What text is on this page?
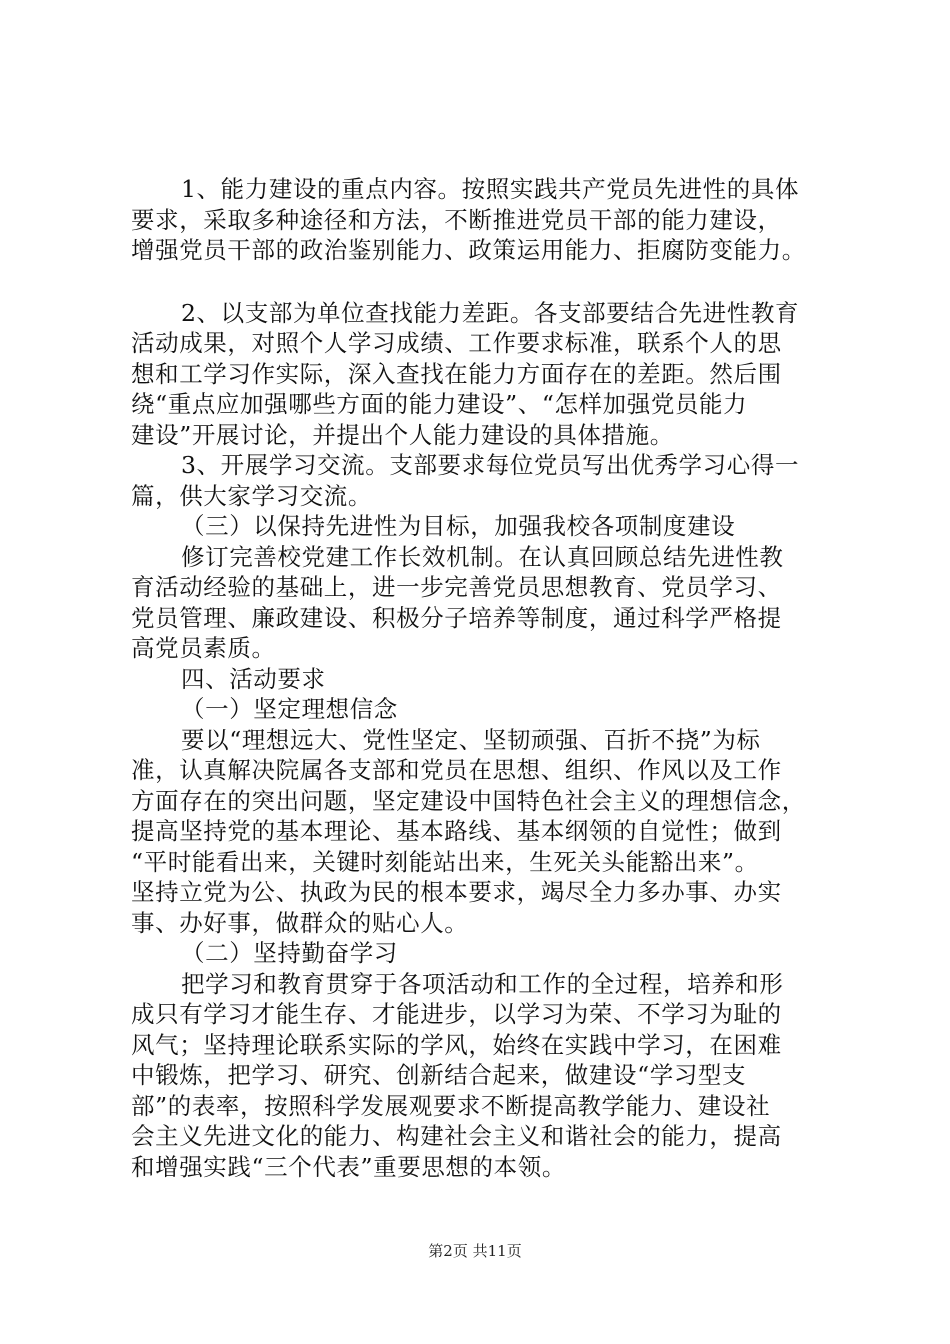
1、能力建设的重点内容。按照实践共产党员先进性的具体
要求，采取多种途径和方法，不断推进党员干部的能力建设，
增强党员干部的政治鉴别能力、政策运用能力、拒腐防变能力。
2、以支部为单位查找能力差距。各支部要结合先进性教育
活动成果，对照个人学习成绩、工作要求标准，联系个人的思
想和工学习作实际，深入查找在能力方面存在的差距。然后围
绕“重点应加强哪些方面的能力建设”、“怎样加强党员能力
建设”开展讨论，并提出个人能力建设的具体措施。
3、开展学习交流。支部要求每位党员写出优秀学习心得一
篇，供大家学习交流。
（三）以保持先进性为目标，加强我校各项制度建设
修订完善校党建工作长效机制。在认真回顾总结先进性教
育活动经验的基础上，进一步完善党员思想教育、党员学习、
党员管理、廉政建设、积极分子培养等制度，通过科学严格提
高党员素质。
四、活动要求
（一）坚定理想信念
要以“理想远大、党性坚定、坚韧顽强、百折不挠”为标
准，认真解决院属各支部和党员在思想、组织、作风以及工作
方面存在的突出问题，坚定建设中国特色社会主义的理想信念，
提高坚持党的基本理论、基本路线、基本纲领的自觉性；做到
“平时能看出来，关键时刻能站出来，生死关头能豁出来”。
坚持立党为公、执政为民的根本要求，竭尽全力多办事、办实
事、办好事，做群众的贴心人。
（二）坚持勤奋学习
把学习和教育贯穿于各项活动和工作的全过程，培养和形
成只有学习才能生存、才能进步，以学习为荣、不学习为耻的
风气；坚持理论联系实际的学风，始终在实践中学习，在困难
中锻炼，把学习、研究、创新结合起来，做建设“学习型支
部”的表率，按照科学发展观要求不断提高教学能力、建设社
会主义先进文化的能力、构建社会主义和谐社会的能力，提高
和增强实践“三个代表”重要思想的本领。
第2页 共11页
